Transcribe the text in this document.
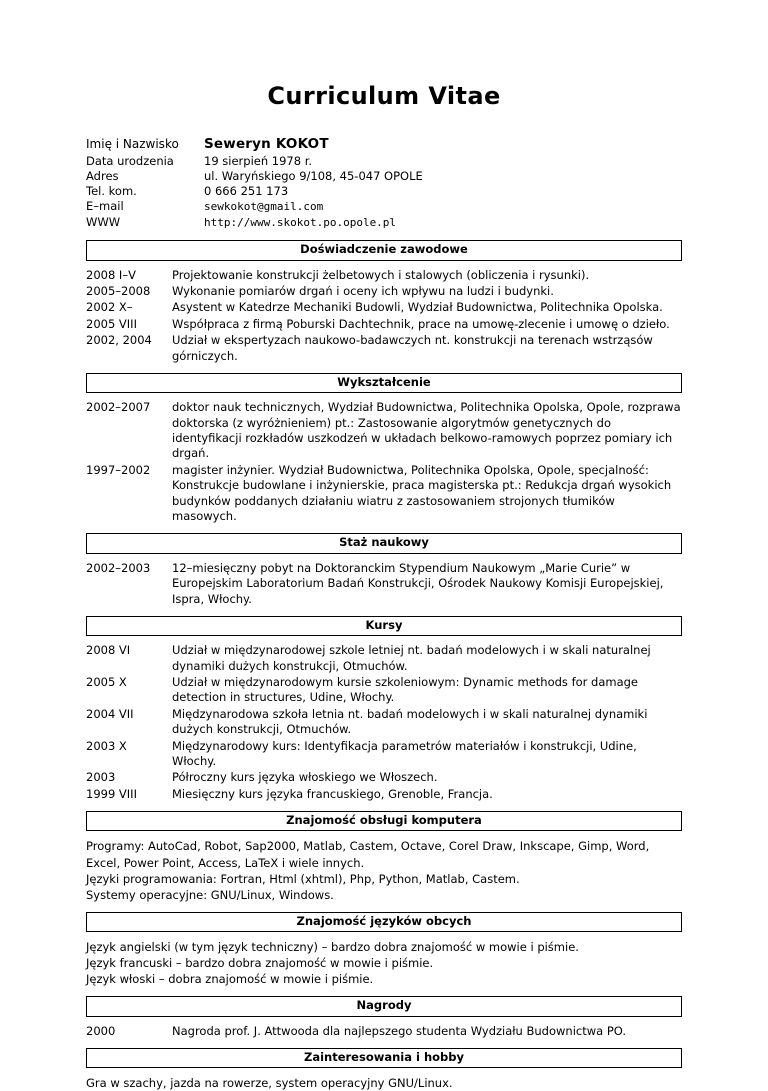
Curriculum Vitae
Imię i Nazwisko	Seweryn KOKOT
Data urodzenia	19 sierpień 1978 r.
Adres	ul. Waryńskiego 9/108, 45-047 OPOLE
Tel. kom.	0 666 251 173
E–mail	sewkokot@gmail.com
WWW	http://www.skokot.po.opole.pl
Doświadczenie zawodowe
2008 I–V	Projektowanie konstrukcji żelbetowych i stalowych (obliczenia i rysunki).
2005–2008	Wykonanie pomiarów drgań i oceny ich wpływu na ludzi i budynki.
2002 X–	Asystent w Katedrze Mechaniki Budowli, Wydział Budownictwa, Politechnika Opolska.
2005 VIII	Współpraca z firmą Poburski Dachtechnik, prace na umowę-zlecenie i umowę o dzieło.
2002, 2004	Udział w ekspertyzach naukowo-badawczych nt. konstrukcji na terenach wstrząsów górniczych.
Wykształcenie
2002–2007	doktor nauk technicznych, Wydział Budownictwa, Politechnika Opolska, Opole, rozprawa doktorska (z wyróżnieniem) pt.: Zastosowanie algorytmów genetycznych do identyfikacji rozkładów uszkodzeń w układach belkowo-ramowych poprzez pomiary ich drgań.
1997–2002	magister inżynier. Wydział Budownictwa, Politechnika Opolska, Opole, specjalność: Konstrukcje budowlane i inżynierskie, praca magisterska pt.: Redukcja drgań wysokich budynków poddanych działaniu wiatru z zastosowaniem strojonych tłumików masowych.
Staż naukowy
2002–2003	12–miesięczny pobyt na Doktoranckim Stypendium Naukowym „Marie Curie” w Europejskim Laboratorium Badań Konstrukcji, Ośrodek Naukowy Komisji Europejskiej, Ispra, Włochy.
Kursy
2008 VI	Udział w międzynarodowej szkole letniej nt. badań modelowych i w skali naturalnej dynamiki dużych konstrukcji, Otmuchów.
2005 X	Udział w międzynarodowym kursie szkoleniowym: Dynamic methods for damage detection in structures, Udine, Włochy.
2004 VII	Międzynarodowa szkoła letnia nt. badań modelowych i w skali naturalnej dynamiki dużych konstrukcji, Otmuchów.
2003 X	Międzynarodowy kurs: Identyfikacja parametrów materiałów i konstrukcji, Udine, Włochy.
2003	Półroczny kurs języka włoskiego we Włoszech.
1999 VIII	Miesięczny kurs języka francuskiego, Grenoble, Francja.
Znajomość obsługi komputera

Programy: AutoCad, Robot, Sap2000, Matlab, Castem, Octave, Corel Draw, Inkscape, Gimp, Word, Excel, Power Point, Access, LaTeX i wiele innych.

Języki programowania: Fortran, Html (xhtml), Php, Python, Matlab, Castem.

Systemy operacyjne: GNU/Linux, Windows.

Znajomość języków obcych

Język angielski (w tym język techniczny) – bardzo dobra znajomość w mowie i piśmie.

Język francuski – bardzo dobra znajomość w mowie i piśmie.

Język włoski – dobra znajomość w mowie i piśmie.

Nagrody
2000	Nagroda prof. J. Attwooda dla najlepszego studenta Wydziału Budownictwa PO.
Zainteresowania i hobby

Gra w szachy, jazda na rowerze, system operacyjny GNU/Linux.
